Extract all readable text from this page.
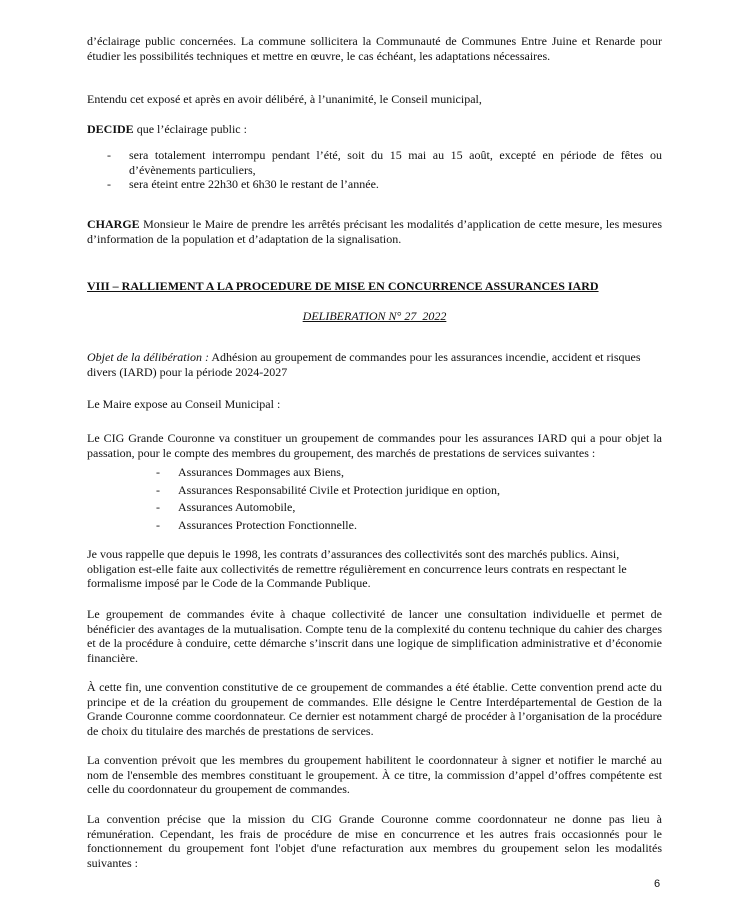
d’éclairage public concernées. La commune sollicitera la Communauté de Communes Entre Juine et Renarde pour étudier les possibilités techniques et mettre en œuvre, le cas échéant, les adaptations nécessaires.

Entendu cet exposé et après en avoir délibéré, à l’unanimité, le Conseil municipal,

DECIDE que l’éclairage public :

- sera totalement interrompu pendant l’été, soit du 15 mai au 15 août, excepté en période de fêtes ou d’évènements particuliers,
- sera éteint entre 22h30 et 6h30 le restant de l’année.

CHARGE Monsieur le Maire de prendre les arrêtés précisant les modalités d’application de cette mesure, les mesures d’information de la population et d’adaptation de la signalisation.

VIII – RALLIEMENT A LA PROCEDURE DE MISE EN CONCURRENCE ASSURANCES IARD

DELIBERATION N° 27_2022

Objet de la délibération : Adhésion au groupement de commandes pour les assurances incendie, accident et risques divers (IARD) pour la période 2024-2027

Le Maire expose au Conseil Municipal :

Le CIG Grande Couronne va constituer un groupement de commandes pour les assurances IARD qui a pour objet la passation, pour le compte des membres du groupement, des marchés de prestations de services suivantes :

- Assurances Dommages aux Biens,
- Assurances Responsabilité Civile et Protection juridique en option,
- Assurances Automobile,
- Assurances Protection Fonctionnelle.

Je vous rappelle que depuis le 1998, les contrats d’assurances des collectivités sont des marchés publics. Ainsi, obligation est-elle faite aux collectivités de remettre régulièrement en concurrence leurs contrats en respectant le formalisme imposé par le Code de la Commande Publique.

Le groupement de commandes évite à chaque collectivité de lancer une consultation individuelle et permet de bénéficier des avantages de la mutualisation. Compte tenu de la complexité du contenu technique du cahier des charges et de la procédure à conduire, cette démarche s’inscrit dans une logique de simplification administrative et d’économie financière.

À cette fin, une convention constitutive de ce groupement de commandes a été établie. Cette convention prend acte du principe et de la création du groupement de commandes. Elle désigne le Centre Interdépartemental de Gestion de la Grande Couronne comme coordonnateur. Ce dernier est notamment chargé de procéder à l’organisation de la procédure de choix du titulaire des marchés de prestations de services.

La convention prévoit que les membres du groupement habilitent le coordonnateur à signer et notifier le marché au nom de l'ensemble des membres constituant le groupement. À ce titre, la commission d’appel d’offres compétente est celle du coordonnateur du groupement de commandes.

La convention précise que la mission du CIG Grande Couronne comme coordonnateur ne donne pas lieu à rémunération. Cependant, les frais de procédure de mise en concurrence et les autres frais occasionnés pour le fonctionnement du groupement font l'objet d'une refacturation aux membres du groupement selon les modalités suivantes :

6
